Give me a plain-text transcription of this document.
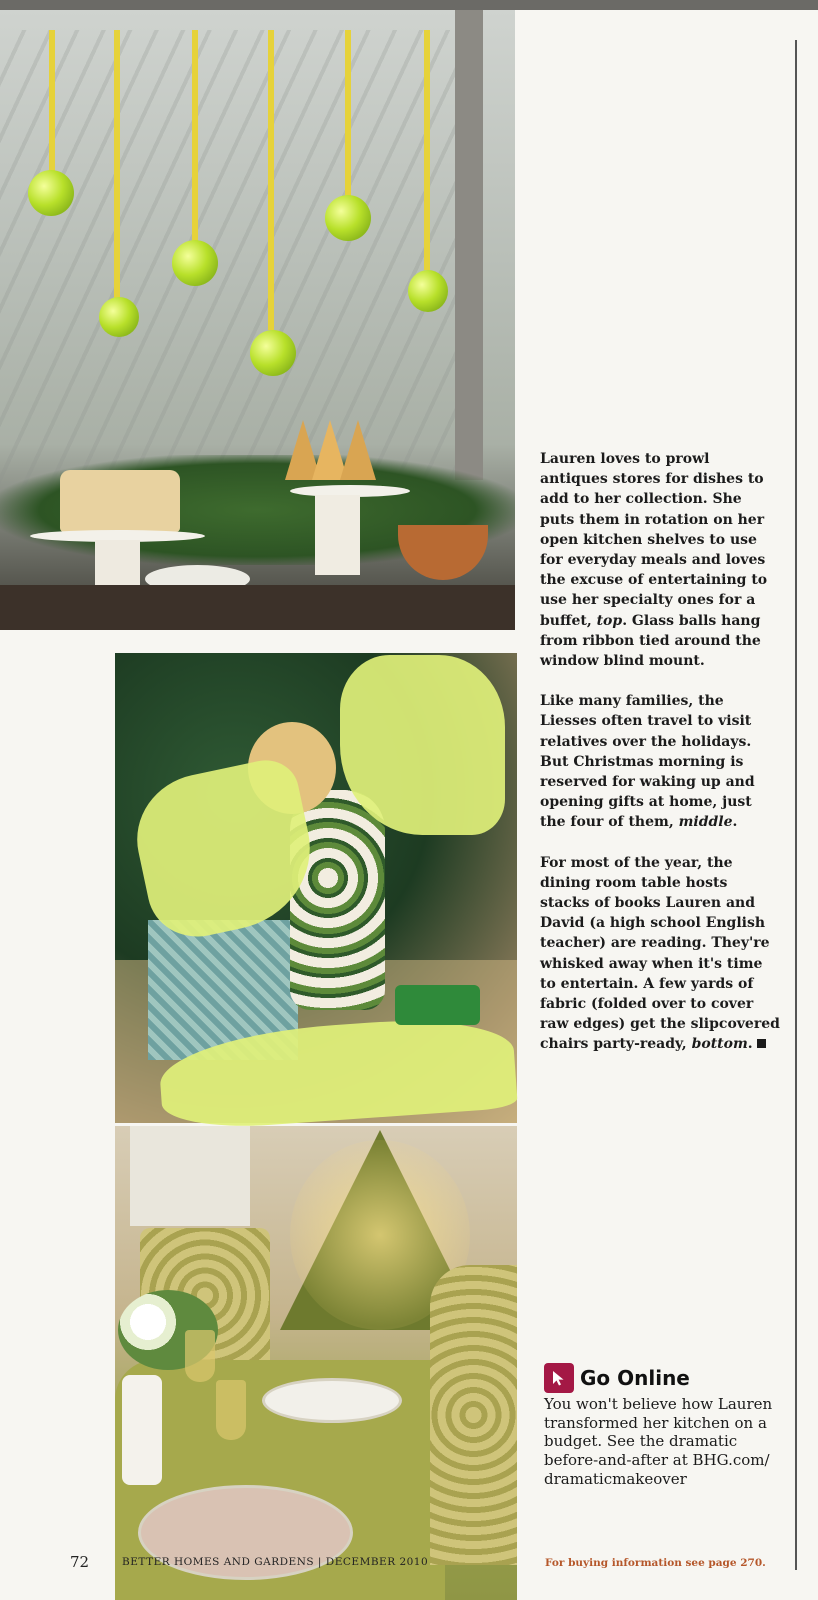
Lauren loves to prowl antiques stores for dishes to add to her collection. She puts them in rotation on her open kitchen shelves to use for everyday meals and loves the excuse of entertaining to use her specialty ones for a buffet, top. Glass balls hang from ribbon tied around the window blind mount.

Like many families, the Liesses often travel to visit relatives over the holidays. But Christmas morning is reserved for waking up and opening gifts at home, just the four of them, middle.

For most of the year, the dining room table hosts stacks of books Lauren and David (a high school English teacher) are reading. They're whisked away when it's time to entertain. A few yards of fabric (folded over to cover raw edges) get the slipcovered chairs party-ready, bottom.

Go Online
You won't believe how Lauren transformed her kitchen on a budget. See the dramatic before-and-after at BHG.com/ dramaticmakeover
72	BETTER HOMES AND GARDENS | DECEMBER 2010	For buying information see page 270.
